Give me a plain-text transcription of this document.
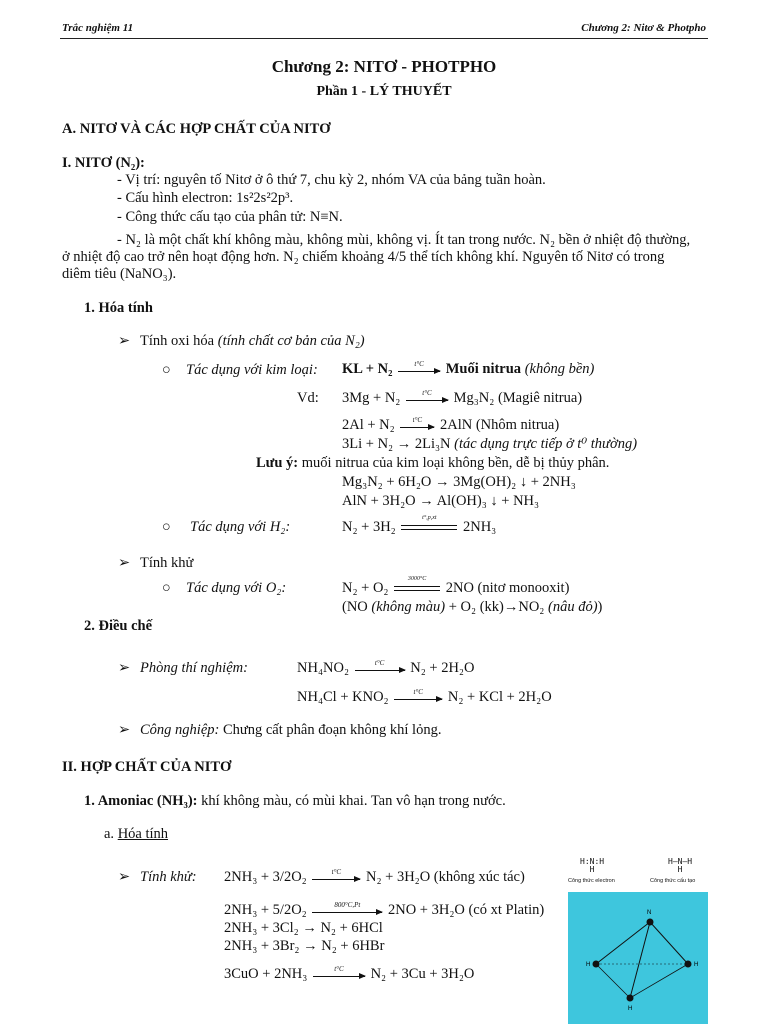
Trắc nghiệm 11	Chương 2: Nitơ & Photpho
Chương 2: NITƠ - PHOTPHO
Phần 1 - LÝ THUYẾT
A. NITƠ VÀ CÁC HỢP CHẤT CỦA NITƠ
I. NITƠ (N₂):
- Vị trí: nguyên tố Nitơ ở ô thứ 7, chu kỳ 2, nhóm VA của bảng tuần hoàn.
- Cấu hình electron: 1s²2s²2p³.
- Công thức cấu tạo của phân tử: N≡N.
- N₂ là một chất khí không màu, không mùi, không vị. Ít tan trong nước. N₂ bền ở nhiệt độ thường,
ở nhiệt độ cao trở nên hoạt động hơn. N₂ chiếm khoảng 4/5 thể tích không khí. Nguyên tố Nitơ có trong
diêm tiêu (NaNO₃).
1. Hóa tính
➢ Tính oxi hóa (tính chất cơ bản của N₂)
○ Tác dụng với kim loại: KL + N₂	t°C	Muối nitrua (không bền)
Vd: 3Mg + N₂	t°C	Mg₃N₂ (Magiê nitrua)
2Al + N₂	t°C	2AlN (Nhôm nitrua)
3Li + N₂ → 2Li₃N (tác dụng trực tiếp ở t⁰ thường)
Lưu ý: muối nitrua của kim loại không bền, dễ bị thủy phân.
Mg₃N₂ + 6H₂O → 3Mg(OH)₂ ↓ + 2NH₃
AlN + 3H₂O → Al(OH)₃ ↓ + NH₃
○ Tác dụng với H₂:	N₂ + 3H₂
t°,p,xt
2NH₃
➢ Tính khử
○ Tác dụng với O₂:	N₂ + O₂
3000°C
2NO (nitơ monooxit)
(NO (không màu) + O₂ (kk)→NO₂ (nâu đỏ))
2. Điều chế
➢ Phòng thí nghiệm:	NH₄NO₂	t°C	N₂ + 2H₂O
NH₄Cl + KNO₂	t°C	N₂ + KCl + 2H₂O
➢ Công nghiệp: Chưng cất phân đoạn không khí lỏng.
II. HỢP CHẤT CỦA NITƠ
1. Amoniac (NH₃): khí không màu, có mùi khai. Tan vô hạn trong nước.
a. Hóa tính
➢ Tính khử: 2NH₃ + 3/2O₂	t°C	N₂ + 3H₂O (không xúc tác)
2NH₃ + 5/2O₂	800°C,Pt	2NO + 3H₂O (có xt Platin)
2NH₃ + 3Cl₂ → N₂ + 6HCl
2NH₃ + 3Br₂ → N₂ + 6HBr
3CuO + 2NH₃	t°C	N₂ + 3Cu + 3H₂O
H:N:H
H
H–N–H
H
Công thức electron	Công thức cấu tạo
N
H	H
H
